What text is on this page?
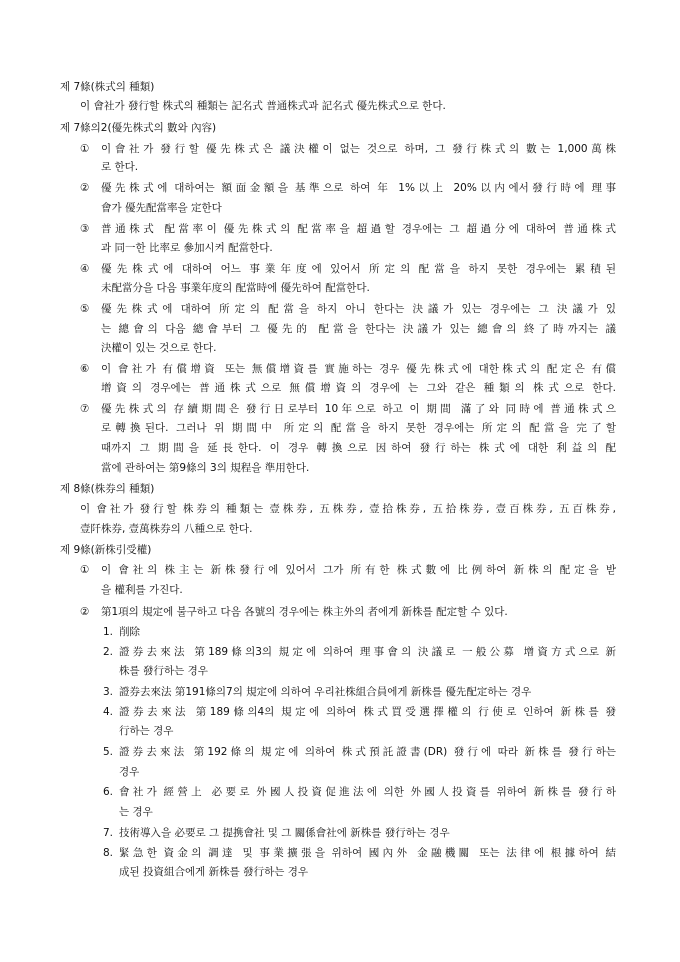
제 7條(株式의 種類)
이 會社가 發行할 株式의 種類는 記名式 普通株式과 記名式 優先株式으로 한다.
제 7條의2(優先株式의 數와 內容)
① 이會社가 發行할 優先株式은 議決權이 없는 것으로 하며, 그 發行株式의 數는 1,000萬株
로 한다.
② 優先株式에 대하여는 額面金額을 基準으로 하여 年 1%以上 20%以内에서發行時에 理事
會가 優先配當率을 定한다
③ 普通株式 配當率이 優先株式의 配當率을 超過할 경우에는 그 超過分에 대하여 普通株式
과 同一한 比率로 參加시켜 配當한다.
④ 優先株式에 대하여 어느 事業年度에 있어서 所定의 配當을 하지 못한 경우에는 累積된
未配當分을 다음 事業年度의 配當時에 優先하여 配當한다.
⑤ 優先株式에 대하여 所定의 配當을 하지 아니 한다는 決議가 있는 경우에는 그 決議가 있
는 總會의 다음 總會부터 그 優先的 配當을 한다는 決議가 있는 總會의 終了時까지는 議
決權이 있는 것으로 한다.
⑥ 이 會社가 有償增資 또는 無償增資를 實施하는 경우 優先株式에 대한株式의 配定은 有償
增資의 경우에는 普通株式으로 無償增資의 경우에 는 그와 같은 種類의 株式으로 한다.
⑦ 優先株式의 存續期間은 發行日로부터 10年으로 하고 이 期間 滿了와 同時에 普通株式으
로轉換된다. 그러나 위 期間中 所定의 配當을 하지 못한 경우에는 所定의 配當을 完了할
때까지 그 期間을 延長한다. 이 경우 轉換으로 因하여 發行하는 株式에 대한 利益의 配
當에 관하여는 第9條의 3의 規程을 準用한다.
제 8條(株券의 種類)
이 會社가 發行할 株券의 種類는 壹株券, 五株券, 壹拾株券, 五拾株券, 壹百株券, 五百株券,
壹阡株券, 壹萬株券의 八種으로 한다.
제 9條(新株引受權)
① 이 會社의 株主는 新株發行에 있어서 그가 所有한 株式數에 比例하여 新株의 配定을 받
을 權利를 가진다.
② 第1項의 規定에 불구하고 다음 各號의 경우에는 株主外의 者에게 新株를 配定할 수 있다.
1. 削除
2. 證券去來法 第189條의3의 規定에 의하여 理事會의 決議로 一般公募 增資方式으로 新
株를 發行하는 경우
3. 證券去來法 第191條의7의 規定에 의하여 우리社株組合員에게 新株를 優先配定하는 경우
4. 證券去來法 第189條의4의 規定에 의하여 株式買受選擇權의 行使로 인하여 新株를 發
行하는 경우
5. 證券去來法 第192條의 規定에 의하여 株式預託證書(DR) 發行에 따라 新株를 發行하는
경우
6. 會社가 經營上 必要로 外國人投資促進法에 의한 外國人投資를 위하여 新株를 發行하
는 경우
7. 技術導入을 必要로 그 提携會社 및 그 關係會社에 新株를 發行하는 경우
8. 緊急한 資金의 調達 및 事業擴張을 위하여 國內外 金融機關 또는 法律에 根據하여 結
成된 投資組合에게 新株를 發行하는 경우
